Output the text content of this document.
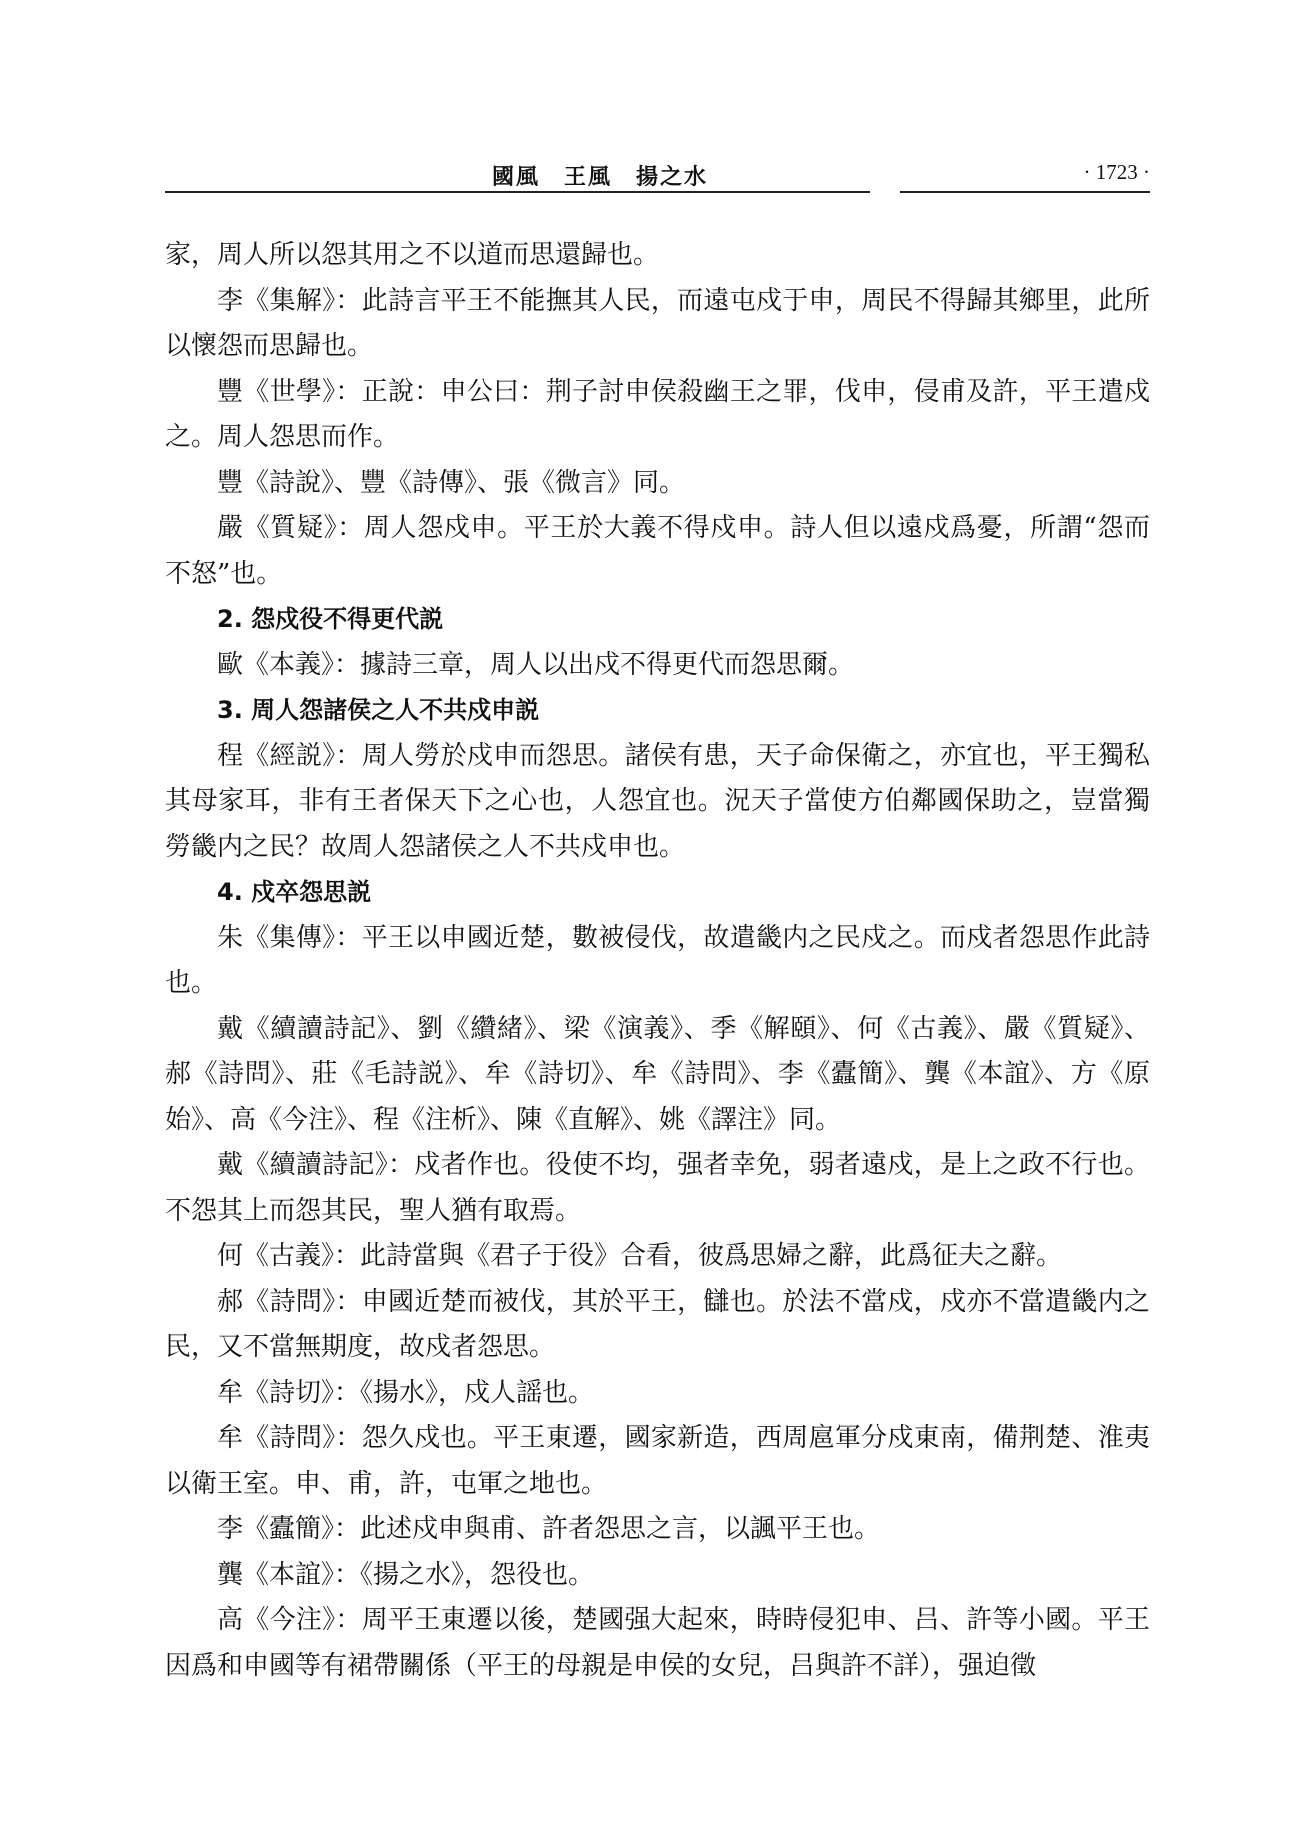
國風　王風　揚之水	· 1723 ·

家，周人所以怨其用之不以道而思還歸也。

李《集解》：此詩言平王不能撫其人民，而遠屯戍于申，周民不得歸其鄉里，此所以懷怨而思歸也。

豐《世學》：正說：申公曰：荆子討申侯殺幽王之罪，伐申，侵甫及許，平王遣戍之。周人怨思而作。

豐《詩說》、豐《詩傳》、張《微言》同。

嚴《質疑》：周人怨戍申。平王於大義不得戍申。詩人但以遠戍爲憂，所謂“怨而不怒”也。

2. 怨戍役不得更代説

歐《本義》：據詩三章，周人以出戍不得更代而怨思爾。

3. 周人怨諸侯之人不共戍申説

程《經説》：周人勞於戍申而怨思。諸侯有患，天子命保衛之，亦宜也，平王獨私其母家耳，非有王者保天下之心也，人怨宜也。況天子當使方伯鄰國保助之，豈當獨勞畿内之民？故周人怨諸侯之人不共戍申也。

4. 戍卒怨思説

朱《集傳》：平王以申國近楚，數被侵伐，故遣畿内之民戍之。而戍者怨思作此詩也。

戴《續讀詩記》、劉《纘緒》、梁《演義》、季《解頤》、何《古義》、嚴《質疑》、郝《詩問》、莊《毛詩説》、牟《詩切》、牟《詩問》、李《蠹簡》、龔《本誼》、方《原始》、高《今注》、程《注析》、陳《直解》、姚《譯注》同。

戴《續讀詩記》：戍者作也。役使不均，强者幸免，弱者遠戍，是上之政不行也。不怨其上而怨其民，聖人猶有取焉。

何《古義》：此詩當與《君子于役》合看，彼爲思婦之辭，此爲征夫之辭。

郝《詩問》：申國近楚而被伐，其於平王，讎也。於法不當戍，戍亦不當遣畿内之民，又不當無期度，故戍者怨思。

牟《詩切》：《揚水》，戍人謡也。

牟《詩問》：怨久戍也。平王東遷，國家新造，西周扈軍分戍東南，備荆楚、淮夷以衛王室。申、甫，許，屯軍之地也。

李《蠹簡》：此述戍申與甫、許者怨思之言，以諷平王也。

龔《本誼》：《揚之水》，怨役也。

高《今注》：周平王東遷以後，楚國强大起來，時時侵犯申、吕、許等小國。平王因爲和申國等有裙帶關係（平王的母親是申侯的女兒，吕與許不詳），强迫徵
